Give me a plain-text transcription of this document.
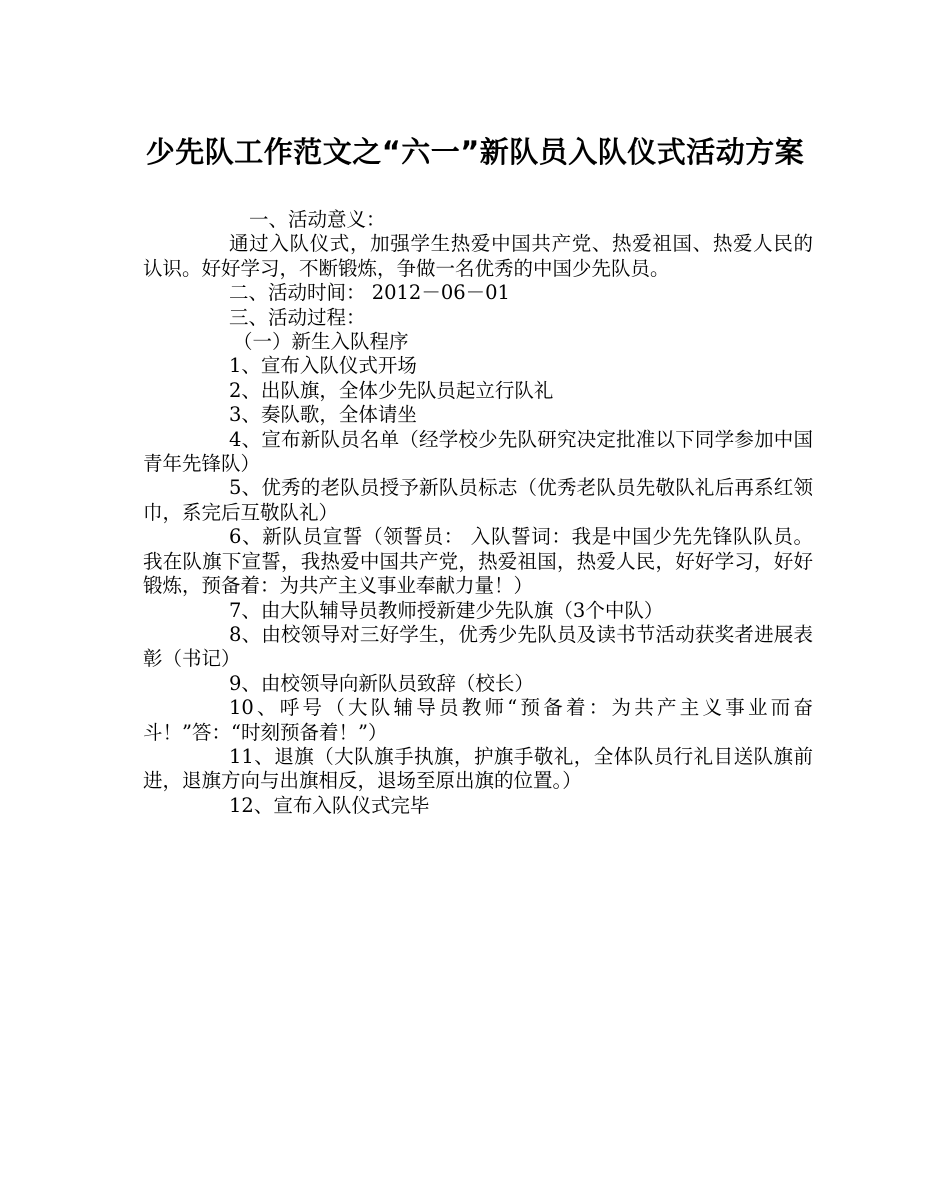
少先队工作范文之“六一”新队员入队仪式活动方案

一、活动意义：

通过入队仪式，加强学生热爱中国共产党、热爱祖国、热爱人民的认识。好好学习，不断锻炼，争做一名优秀的中国少先队员。

二、活动时间： 2012－06－01

三、活动过程：

（一）新生入队程序

1、宣布入队仪式开场

2、出队旗，全体少先队员起立行队礼

3、奏队歌，全体请坐

4、宣布新队员名单（经学校少先队研究决定批准以下同学参加中国青年先锋队）

5、优秀的老队员授予新队员标志（优秀老队员先敬队礼后再系红领巾，系完后互敬队礼）

6、新队员宣誓（领誓员： 入队誓词：我是中国少先先锋队队员。我在队旗下宣誓，我热爱中国共产党，热爱祖国，热爱人民，好好学习，好好锻炼，预备着：为共产主义事业奉献力量！）

7、由大队辅导员教师授新建少先队旗（3个中队）

8、由校领导对三好学生，优秀少先队员及读书节活动获奖者进展表彰（书记）

9、由校领导向新队员致辞（校长）

10、呼号（大队辅导员教师“预备着：为共产主义事业而奋斗！”答：“时刻预备着！”）

11、退旗（大队旗手执旗，护旗手敬礼，全体队员行礼目送队旗前进，退旗方向与出旗相反，退场至原出旗的位置。）

12、宣布入队仪式完毕
